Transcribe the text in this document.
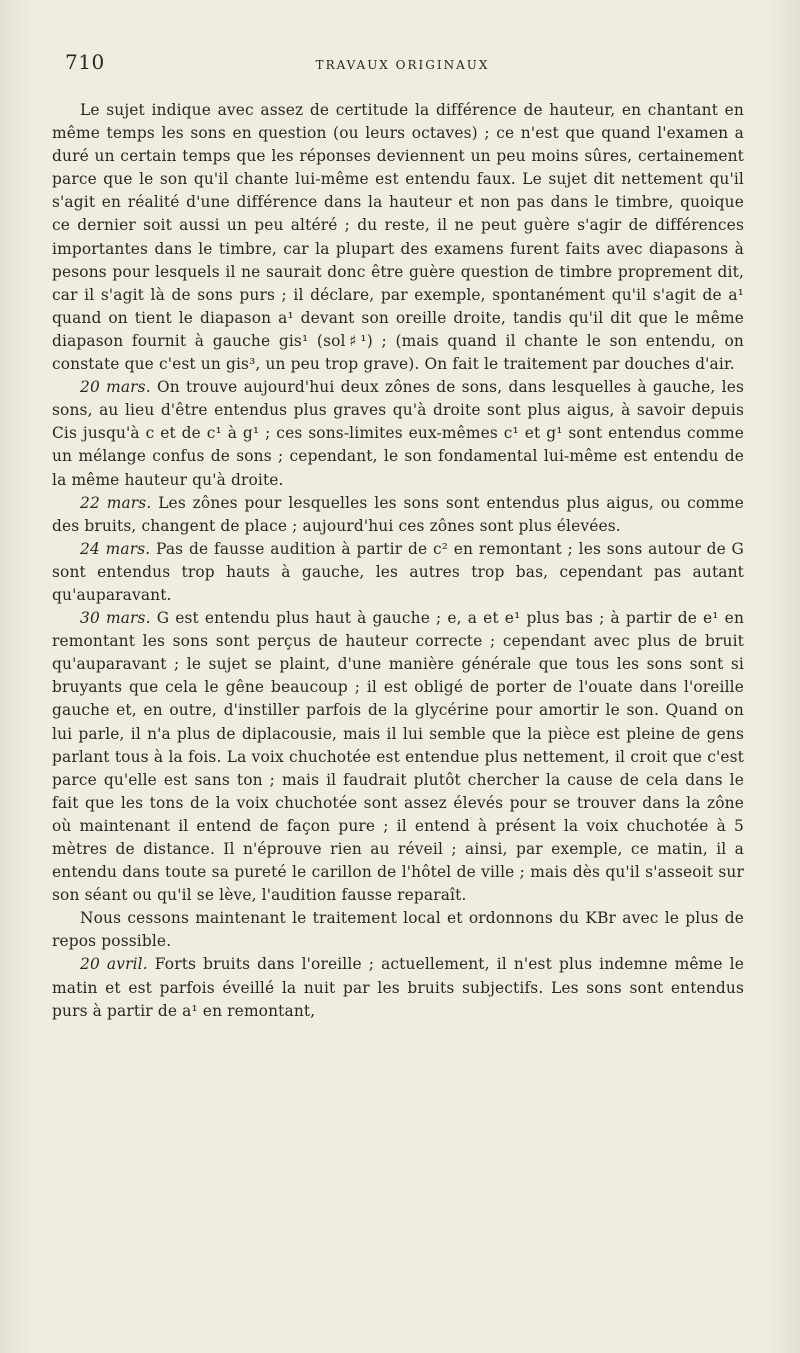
710	TRAVAUX ORIGINAUX

Le sujet indique avec assez de certitude la différence de hauteur, en chantant en même temps les sons en question (ou leurs octaves) ; ce n'est que quand l'examen a duré un certain temps que les réponses deviennent un peu moins sûres, certainement parce que le son qu'il chante lui-même est entendu faux. Le sujet dit nettement qu'il s'agit en réalité d'une différence dans la hauteur et non pas dans le timbre, quoique ce dernier soit aussi un peu altéré ; du reste, il ne peut guère s'agir de différences importantes dans le timbre, car la plupart des examens furent faits avec diapasons à pesons pour lesquels il ne saurait donc être guère question de timbre proprement dit, car il s'agit là de sons purs ; il déclare, par exemple, spontanément qu'il s'agit de a¹ quand on tient le diapason a¹ devant son oreille droite, tandis qu'il dit que le même diapason fournit à gauche gis¹ (sol♯¹) ; (mais quand il chante le son entendu, on constate que c'est un gis³, un peu trop grave). On fait le traitement par douches d'air.

20 mars. On trouve aujourd'hui deux zônes de sons, dans lesquelles à gauche, les sons, au lieu d'être entendus plus graves qu'à droite sont plus aigus, à savoir depuis Cis jusqu'à c et de c¹ à g¹ ; ces sons-limites eux-mêmes c¹ et g¹ sont entendus comme un mélange confus de sons ; cependant, le son fondamental lui-même est entendu de la même hauteur qu'à droite.

22 mars. Les zônes pour lesquelles les sons sont entendus plus aigus, ou comme des bruits, changent de place ; aujourd'hui ces zônes sont plus élevées.

24 mars. Pas de fausse audition à partir de c² en remontant ; les sons autour de G sont entendus trop hauts à gauche, les autres trop bas, cependant pas autant qu'auparavant.

30 mars. G est entendu plus haut à gauche ; e, a et e¹ plus bas ; à partir de e¹ en remontant les sons sont perçus de hauteur correcte ; cependant avec plus de bruit qu'auparavant ; le sujet se plaint, d'une manière générale que tous les sons sont si bruyants que cela le gêne beaucoup ; il est obligé de porter de l'ouate dans l'oreille gauche et, en outre, d'instiller parfois de la glycérine pour amortir le son. Quand on lui parle, il n'a plus de diplacousie, mais il lui semble que la pièce est pleine de gens parlant tous à la fois. La voix chuchotée est entendue plus nettement, il croit que c'est parce qu'elle est sans ton ; mais il faudrait plutôt chercher la cause de cela dans le fait que les tons de la voix chuchotée sont assez élevés pour se trouver dans la zône où maintenant il entend de façon pure ; il entend à présent la voix chuchotée à 5 mètres de distance. Il n'éprouve rien au réveil ; ainsi, par exemple, ce matin, il a entendu dans toute sa pureté le carillon de l'hôtel de ville ; mais dès qu'il s'asseoit sur son séant ou qu'il se lève, l'audition fausse reparaît.

Nous cessons maintenant le traitement local et ordonnons du KBr avec le plus de repos possible.

20 avril. Forts bruits dans l'oreille ; actuellement, il n'est plus indemne même le matin et est parfois éveillé la nuit par les bruits subjectifs. Les sons sont entendus purs à partir de a¹ en remontant,
